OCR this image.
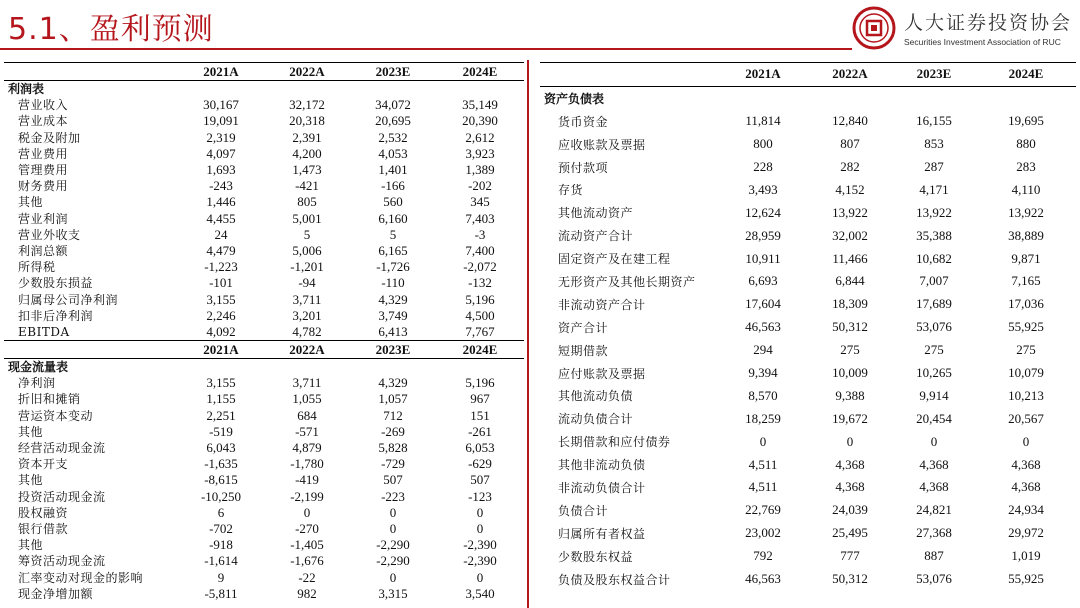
5.1、盈利预测	人大证券投资协会
Securities Investment Association of RUC
	2021A	2022A	2023E	2024E
利润表				
营业收入	30,167	32,172	34,072	35,149
营业成本	19,091	20,318	20,695	20,390
税金及附加	2,319	2,391	2,532	2,612
营业费用	4,097	4,200	4,053	3,923
管理费用	1,693	1,473	1,401	1,389
财务费用	-243	-421	-166	-202
其他	1,446	805	560	345
营业利润	4,455	5,001	6,160	7,403
营业外收支	24	5	5	-3
利润总额	4,479	5,006	6,165	7,400
所得税	-1,223	-1,201	-1,726	-2,072
少数股东损益	-101	-94	-110	-132
归属母公司净利润	3,155	3,711	4,329	5,196
扣非后净利润	2,246	3,201	3,749	4,500
EBITDA	4,092	4,782	6,413	7,767
	2021A	2022A	2023E	2024E
现金流量表				
净利润	3,155	3,711	4,329	5,196
折旧和摊销	1,155	1,055	1,057	967
营运资本变动	2,251	684	712	151
其他	-519	-571	-269	-261
经营活动现金流	6,043	4,879	5,828	6,053
资本开支	-1,635	-1,780	-729	-629
其他	-8,615	-419	507	507
投资活动现金流	-10,250	-2,199	-223	-123
股权融资	6	0	0	0
银行借款	-702	-270	0	0
其他	-918	-1,405	-2,290	-2,390
筹资活动现金流	-1,614	-1,676	-2,290	-2,390
汇率变动对现金的影响	9	-22	0	0
现金净增加额	-5,811	982	3,315	3,540
	2021A	2022A	2023E	2024E
资产负债表				
货币资金	11,814	12,840	16,155	19,695
应收账款及票据	800	807	853	880
预付款项	228	282	287	283
存货	3,493	4,152	4,171	4,110
其他流动资产	12,624	13,922	13,922	13,922
流动资产合计	28,959	32,002	35,388	38,889
固定资产及在建工程	10,911	11,466	10,682	9,871
无形资产及其他长期资产	6,693	6,844	7,007	7,165
非流动资产合计	17,604	18,309	17,689	17,036
资产合计	46,563	50,312	53,076	55,925
短期借款	294	275	275	275
应付账款及票据	9,394	10,009	10,265	10,079
其他流动负债	8,570	9,388	9,914	10,213
流动负债合计	18,259	19,672	20,454	20,567
长期借款和应付债券	0	0	0	0
其他非流动负债	4,511	4,368	4,368	4,368
非流动负债合计	4,511	4,368	4,368	4,368
负债合计	22,769	24,039	24,821	24,934
归属所有者权益	23,002	25,495	27,368	29,972
少数股东权益	792	777	887	1,019
负债及股东权益合计	46,563	50,312	53,076	55,925
